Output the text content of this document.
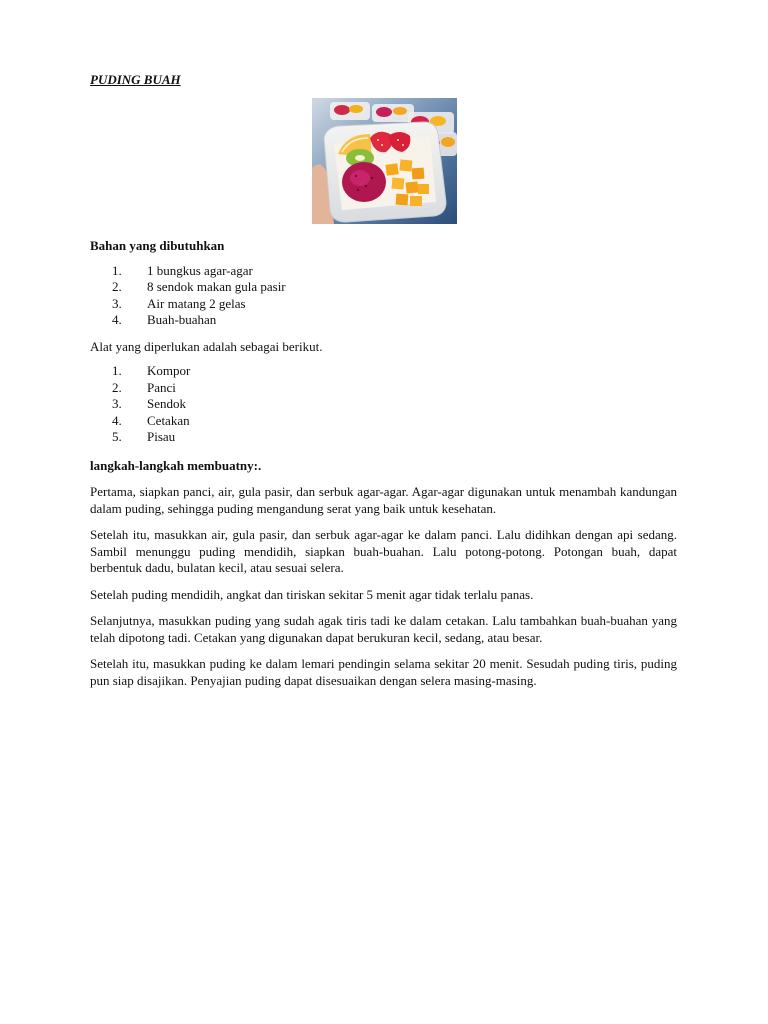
PUDING BUAH
Bahan yang dibutuhkan
1.	1 bungkus agar-agar
2.	8 sendok makan gula pasir
3.	Air matang 2 gelas
4.	Buah-buahan
Alat yang diperlukan adalah sebagai berikut.
1.	Kompor
2.	Panci
3.	Sendok
4.	Cetakan
5.	Pisau
langkah-langkah membuatny:.
Pertama, siapkan panci, air, gula pasir, dan serbuk agar-agar. Agar-agar digunakan untuk menambah kandungan dalam puding, sehingga puding mengandung serat yang baik untuk kesehatan.
Setelah itu, masukkan air, gula pasir, dan serbuk agar-agar ke dalam panci. Lalu didihkan dengan api sedang. Sambil menunggu puding mendidih, siapkan buah-buahan. Lalu potong-potong. Potongan buah, dapat berbentuk dadu, bulatan kecil, atau sesuai selera.
Setelah puding mendidih, angkat dan tiriskan sekitar 5 menit agar tidak terlalu panas.
Selanjutnya, masukkan puding yang sudah agak tiris tadi ke dalam cetakan. Lalu tambahkan buah-buahan yang telah dipotong tadi. Cetakan yang digunakan dapat berukuran kecil, sedang, atau besar.
Setelah itu, masukkan puding ke dalam lemari pendingin selama sekitar 20 menit. Sesudah puding tiris, puding pun siap disajikan. Penyajian puding dapat disesuaikan dengan selera masing-masing.
